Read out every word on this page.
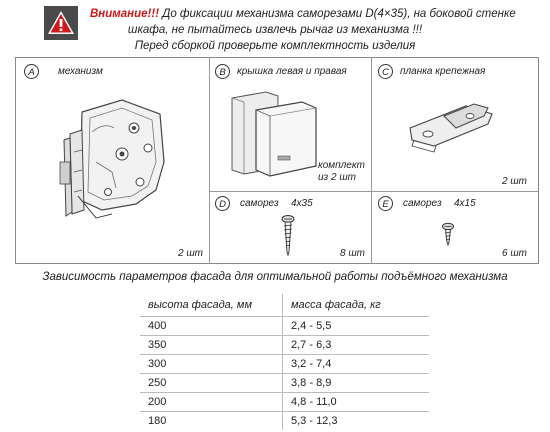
Внимание!!! До фиксации механизма саморезами D(4×35), на боковой стенке
шкафа, не пытайтесь извлечь рычаг из механизма !!!
Перед сборкой проверьте комплектность изделия
A	механизм
2 шт
B	крышка левая и правая
комплект
из 2 шт
C	планка крепежная
2 шт
D	саморез 4x35
8 шт
E	саморез 4x15
6 шт
Зависимость параметров фасада для оптимальной работы подъёмного механизма
высота фасада, мм	масса фасада, кг
400	2,4 - 5,5
350	2,7 - 6,3
300	3,2 - 7,4
250	3,8 - 8,9
200	4,8 - 11,0
180	5,3 - 12,3
